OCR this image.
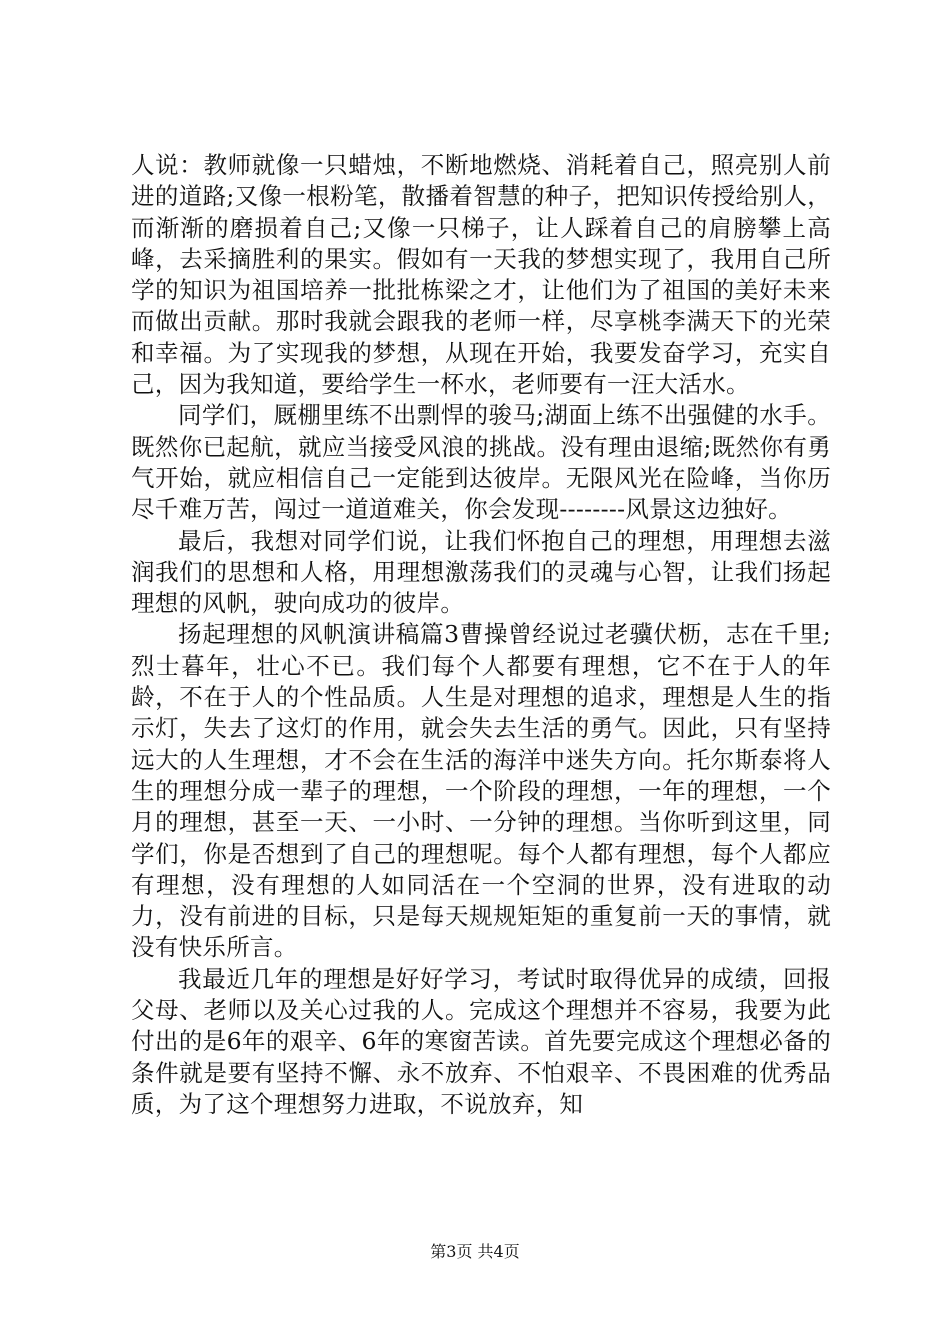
人说：教师就像一只蜡烛，不断地燃烧、消耗着自己，照亮别人前进的道路;又像一根粉笔，散播着智慧的种子，把知识传授给别人，而渐渐的磨损着自己;又像一只梯子，让人踩着自己的肩膀攀上高峰，去采摘胜利的果实。假如有一天我的梦想实现了，我用自己所学的知识为祖国培养一批批栋梁之才，让他们为了祖国的美好未来而做出贡献。那时我就会跟我的老师一样，尽享桃李满天下的光荣和幸福。为了实现我的梦想，从现在开始，我要发奋学习，充实自己，因为我知道，要给学生一杯水，老师要有一汪大活水。

同学们，厩棚里练不出剽悍的骏马;湖面上练不出强健的水手。既然你已起航，就应当接受风浪的挑战。没有理由退缩;既然你有勇气开始，就应相信自己一定能到达彼岸。无限风光在险峰，当你历尽千难万苦，闯过一道道难关，你会发现--------风景这边独好。

最后，我想对同学们说，让我们怀抱自己的理想，用理想去滋润我们的思想和人格，用理想激荡我们的灵魂与心智，让我们扬起理想的风帆，驶向成功的彼岸。

扬起理想的风帆演讲稿篇3曹操曾经说过老骥伏枥，志在千里;烈士暮年，壮心不已。我们每个人都要有理想，它不在于人的年龄，不在于人的个性品质。人生是对理想的追求，理想是人生的指示灯，失去了这灯的作用，就会失去生活的勇气。因此，只有坚持远大的人生理想，才不会在生活的海洋中迷失方向。托尔斯泰将人生的理想分成一辈子的理想，一个阶段的理想，一年的理想，一个月的理想，甚至一天、一小时、一分钟的理想。当你听到这里，同学们，你是否想到了自己的理想呢。每个人都有理想，每个人都应有理想，没有理想的人如同活在一个空洞的世界，没有进取的动力，没有前进的目标，只是每天规规矩矩的重复前一天的事情，就没有快乐所言。

我最近几年的理想是好好学习，考试时取得优异的成绩，回报父母、老师以及关心过我的人。完成这个理想并不容易，我要为此付出的是6年的艰辛、6年的寒窗苦读。首先要完成这个理想必备的条件就是要有坚持不懈、永不放弃、不怕艰辛、不畏困难的优秀品质，为了这个理想努力进取，不说放弃，知

第3页 共4页
